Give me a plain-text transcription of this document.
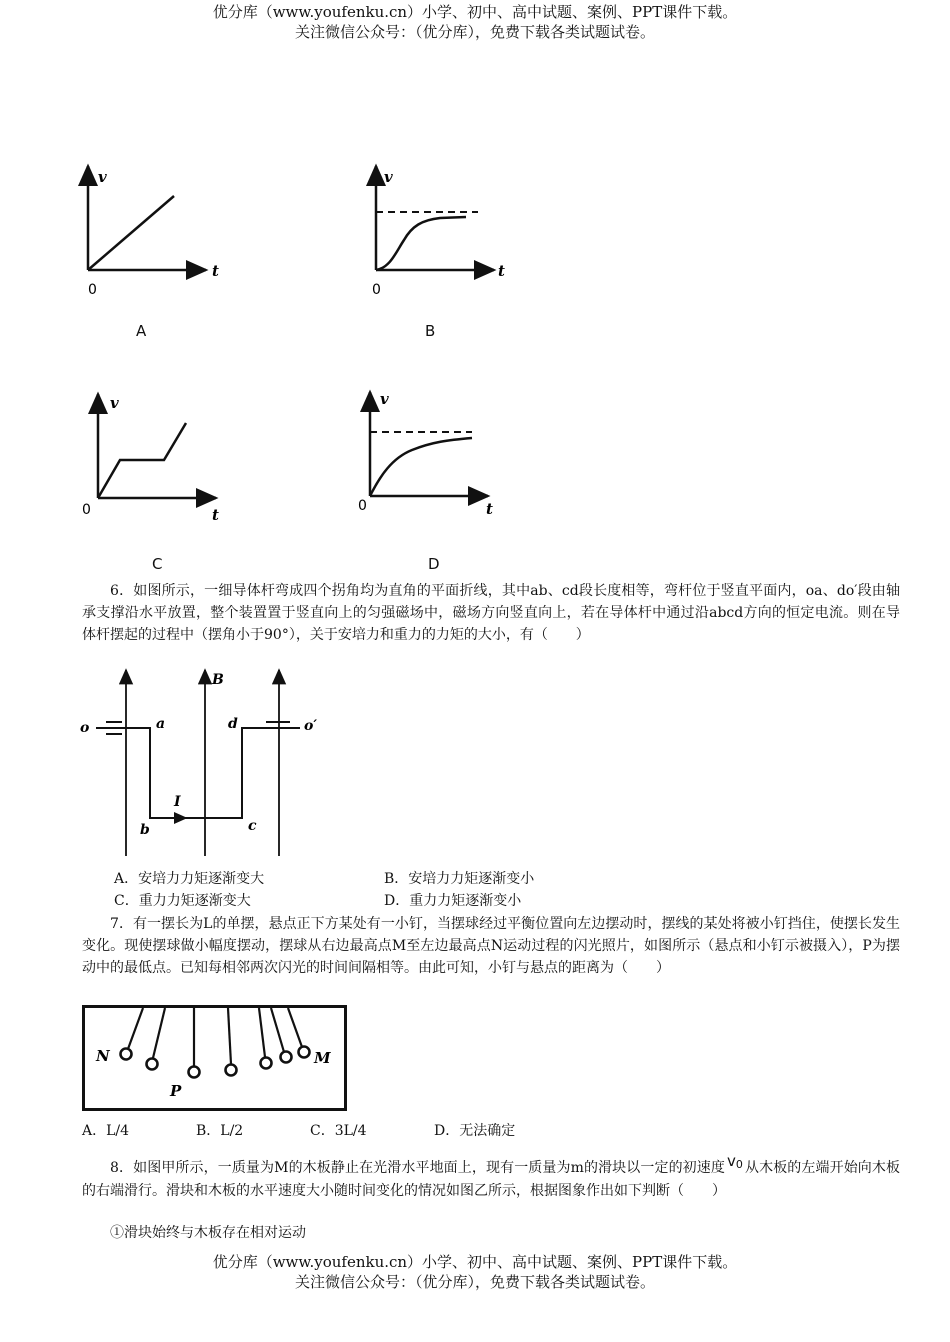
优分库（www.youfenku.cn）小学、初中、高中试题、案例、PPT课件下载。
关注微信公众号：（优分库），免费下载各类试题试卷。
v
t
0
A
v
t
0
B
v
t
0
C
v
t
0
D
6．如图所示，一细导体杆弯成四个拐角均为直角的平面折线，其中ab、cd段长度相等，弯杆位于竖直平面内，oa、do′段由轴承支撑沿水平放置，整个装置置于竖直向上的匀强磁场中，磁场方向竖直向上，若在导体杆中通过沿abcd方向的恒定电流。则在导体杆摆起的过程中（摆角小于90°），关于安培力和重力的力矩的大小，有（　　）
o	a
B
d	o′
I
b	c
A．安培力力矩逐渐变大	B．安培力力矩逐渐变小
C．重力力矩逐渐变大	D．重力力矩逐渐变小
7．有一摆长为L的单摆，悬点正下方某处有一小钉，当摆球经过平衡位置向左边摆动时，摆线的某处将被小钉挡住，使摆长发生变化。现使摆球做小幅度摆动，摆球从右边最高点M至左边最高点N运动过程的闪光照片，如图所示（悬点和小钉示被摄入），P为摆动中的最低点。已知每相邻两次闪光的时间间隔相等。由此可知，小钉与悬点的距离为（　　）
N
P
M
A．L/4	B．L/2	C．3L/4	D．无法确定
8．如图甲所示，一质量为M的木板静止在光滑水平地面上，现有一质量为m的滑块以一定的初速度 v0 从木板的左端开始向木板的右端滑行。滑块和木板的水平速度大小随时间变化的情况如图乙所示，根据图象作出如下判断（　　）
①滑块始终与木板存在相对运动
优分库（www.youfenku.cn）小学、初中、高中试题、案例、PPT课件下载。
关注微信公众号：（优分库），免费下载各类试题试卷。
